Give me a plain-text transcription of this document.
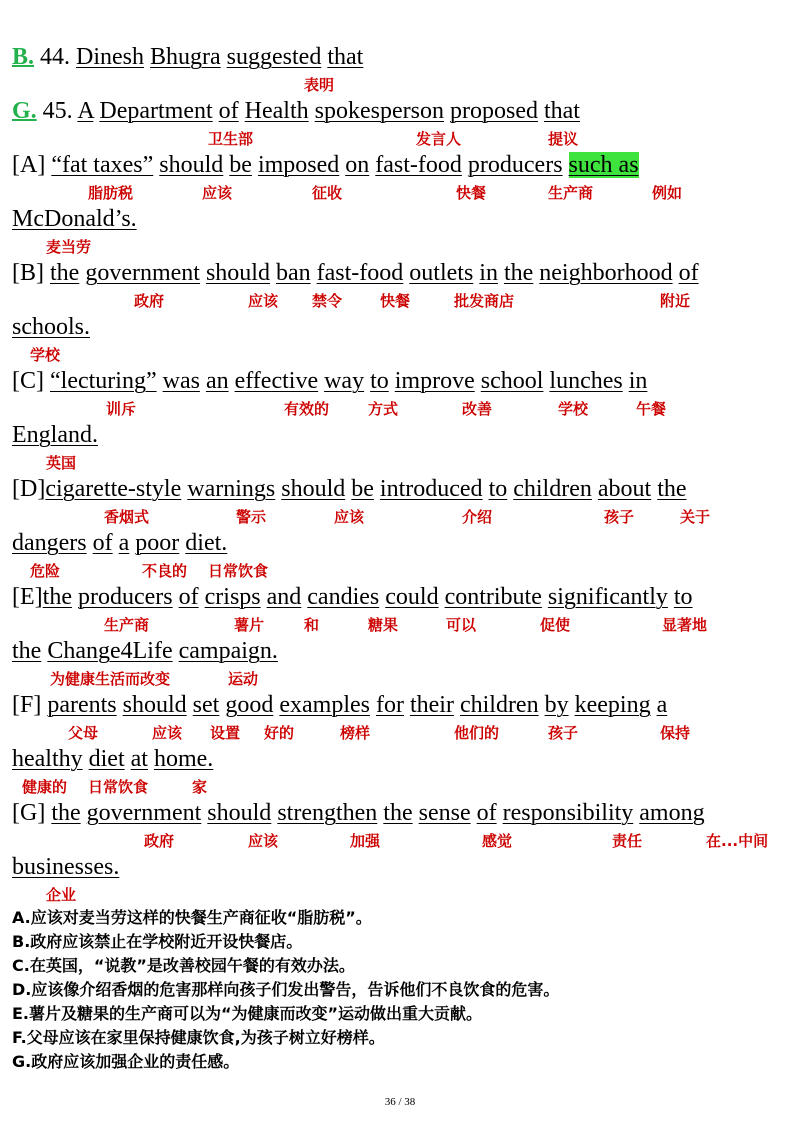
B. 44. Dinesh Bhugra suggested that
表明
G. 45. A Department of Health spokesperson proposed that
卫生部	发言人	提议
[A] “fat taxes” should be imposed on fast-food producers such as
脂肪税	应该	征收	快餐	生产商	例如
McDonald’s.
麦当劳
[B] the government should ban fast-food outlets in the neighborhood of
政府	应该 禁令	快餐	批发商店	附近
schools.
学校
[C] “lecturing” was an effective way to improve school lunches in
训斥	有效的	方式	改善	学校	午餐
England.
英国
[D]cigarette-style warnings should be introduced to children about the
香烟式	警示	应该	介绍	孩子	关于
dangers of a poor diet.
危险	不良的 日常饮食
[E]the producers of crisps and candies could contribute significantly to
生产商	薯片	和	糖果	可以	促使	显著地
the Change4Life campaign.
为健康生活而改变	运动
[F] parents should set good examples for their children by keeping a
父母	应该 设置 好的	榜样	他们的	孩子	保持
healthy diet at home.
健康的 日常饮食	家
[G] the government should strengthen the sense of responsibility among
政府	应该	加强	感觉	责任	在...中间
businesses.
企业
A.应该对麦当劳这样的快餐生产商征收“脂肪税”。
B.政府应该禁止在学校附近开设快餐店。
C.在英国，“说教”是改善校园午餐的有效办法。
D.应该像介绍香烟的危害那样向孩子们发出警告，告诉他们不良饮食的危害。
E.薯片及糖果的生产商可以为“为健康而改变”运动做出重大贡献。
F.父母应该在家里保持健康饮食,为孩子树立好榜样。
G.政府应该加强企业的责任感。
36 / 38
